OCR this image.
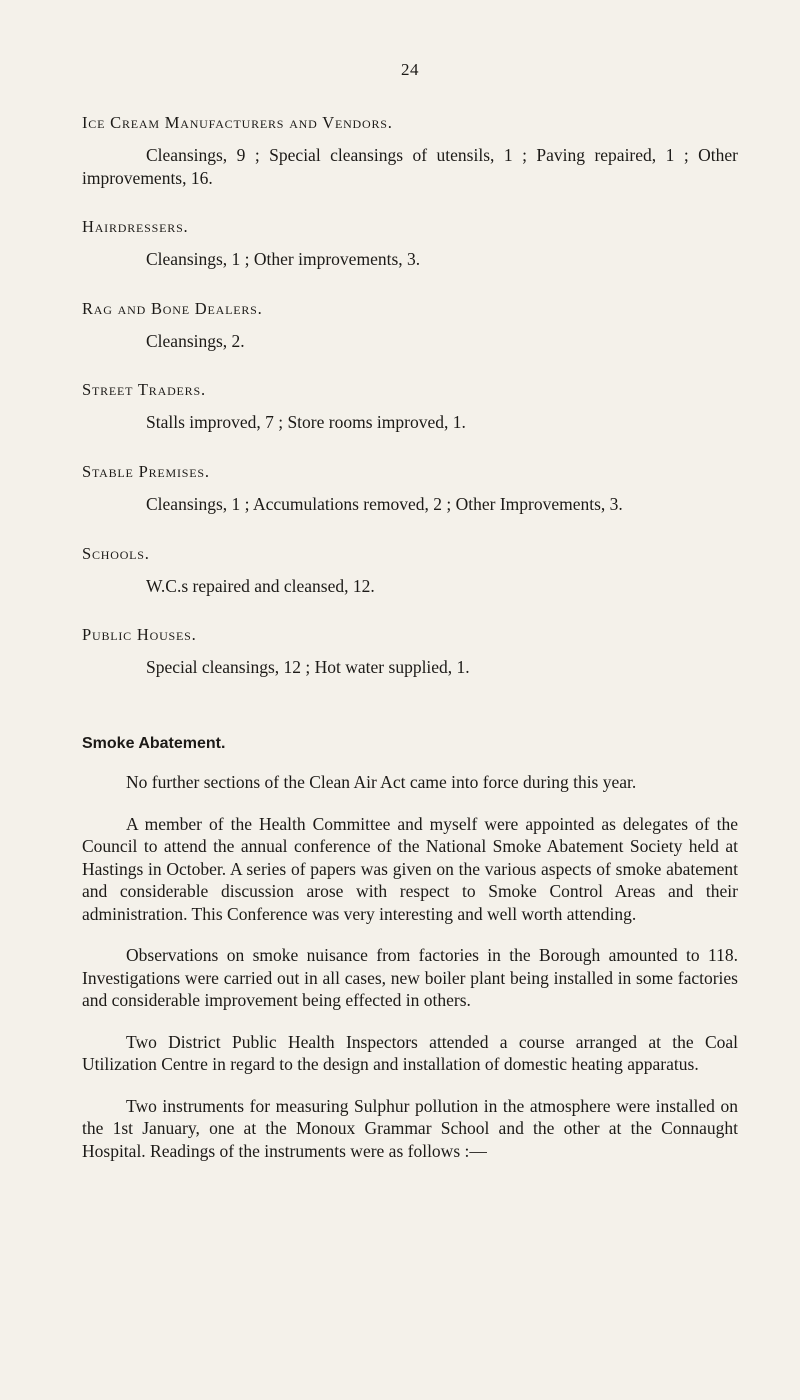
24
Ice Cream Manufacturers and Vendors.

Cleansings, 9 ; Special cleansings of utensils, 1 ; Paving repaired, 1 ; Other improvements, 16.

Hairdressers.

Cleansings, 1 ; Other improvements, 3.

Rag and Bone Dealers.

Cleansings, 2.

Street Traders.

Stalls improved, 7 ; Store rooms improved, 1.

Stable Premises.

Cleansings, 1 ; Accumulations removed, 2 ; Other Improvements, 3.

Schools.

W.C.s repaired and cleansed, 12.

Public Houses.

Special cleansings, 12 ; Hot water supplied, 1.

Smoke Abatement.

No further sections of the Clean Air Act came into force during this year.

A member of the Health Committee and myself were appointed as delegates of the Council to attend the annual conference of the National Smoke Abatement Society held at Hastings in October. A series of papers was given on the various aspects of smoke abatement and considerable discussion arose with respect to Smoke Control Areas and their administration. This Conference was very interesting and well worth attending.

Observations on smoke nuisance from factories in the Borough amounted to 118. Investigations were carried out in all cases, new boiler plant being installed in some factories and considerable improvement being effected in others.

Two District Public Health Inspectors attended a course arranged at the Coal Utilization Centre in regard to the design and installation of domestic heating apparatus.

Two instruments for measuring Sulphur pollution in the atmosphere were installed on the 1st January, one at the Monoux Grammar School and the other at the Connaught Hospital. Readings of the instruments were as follows :—
